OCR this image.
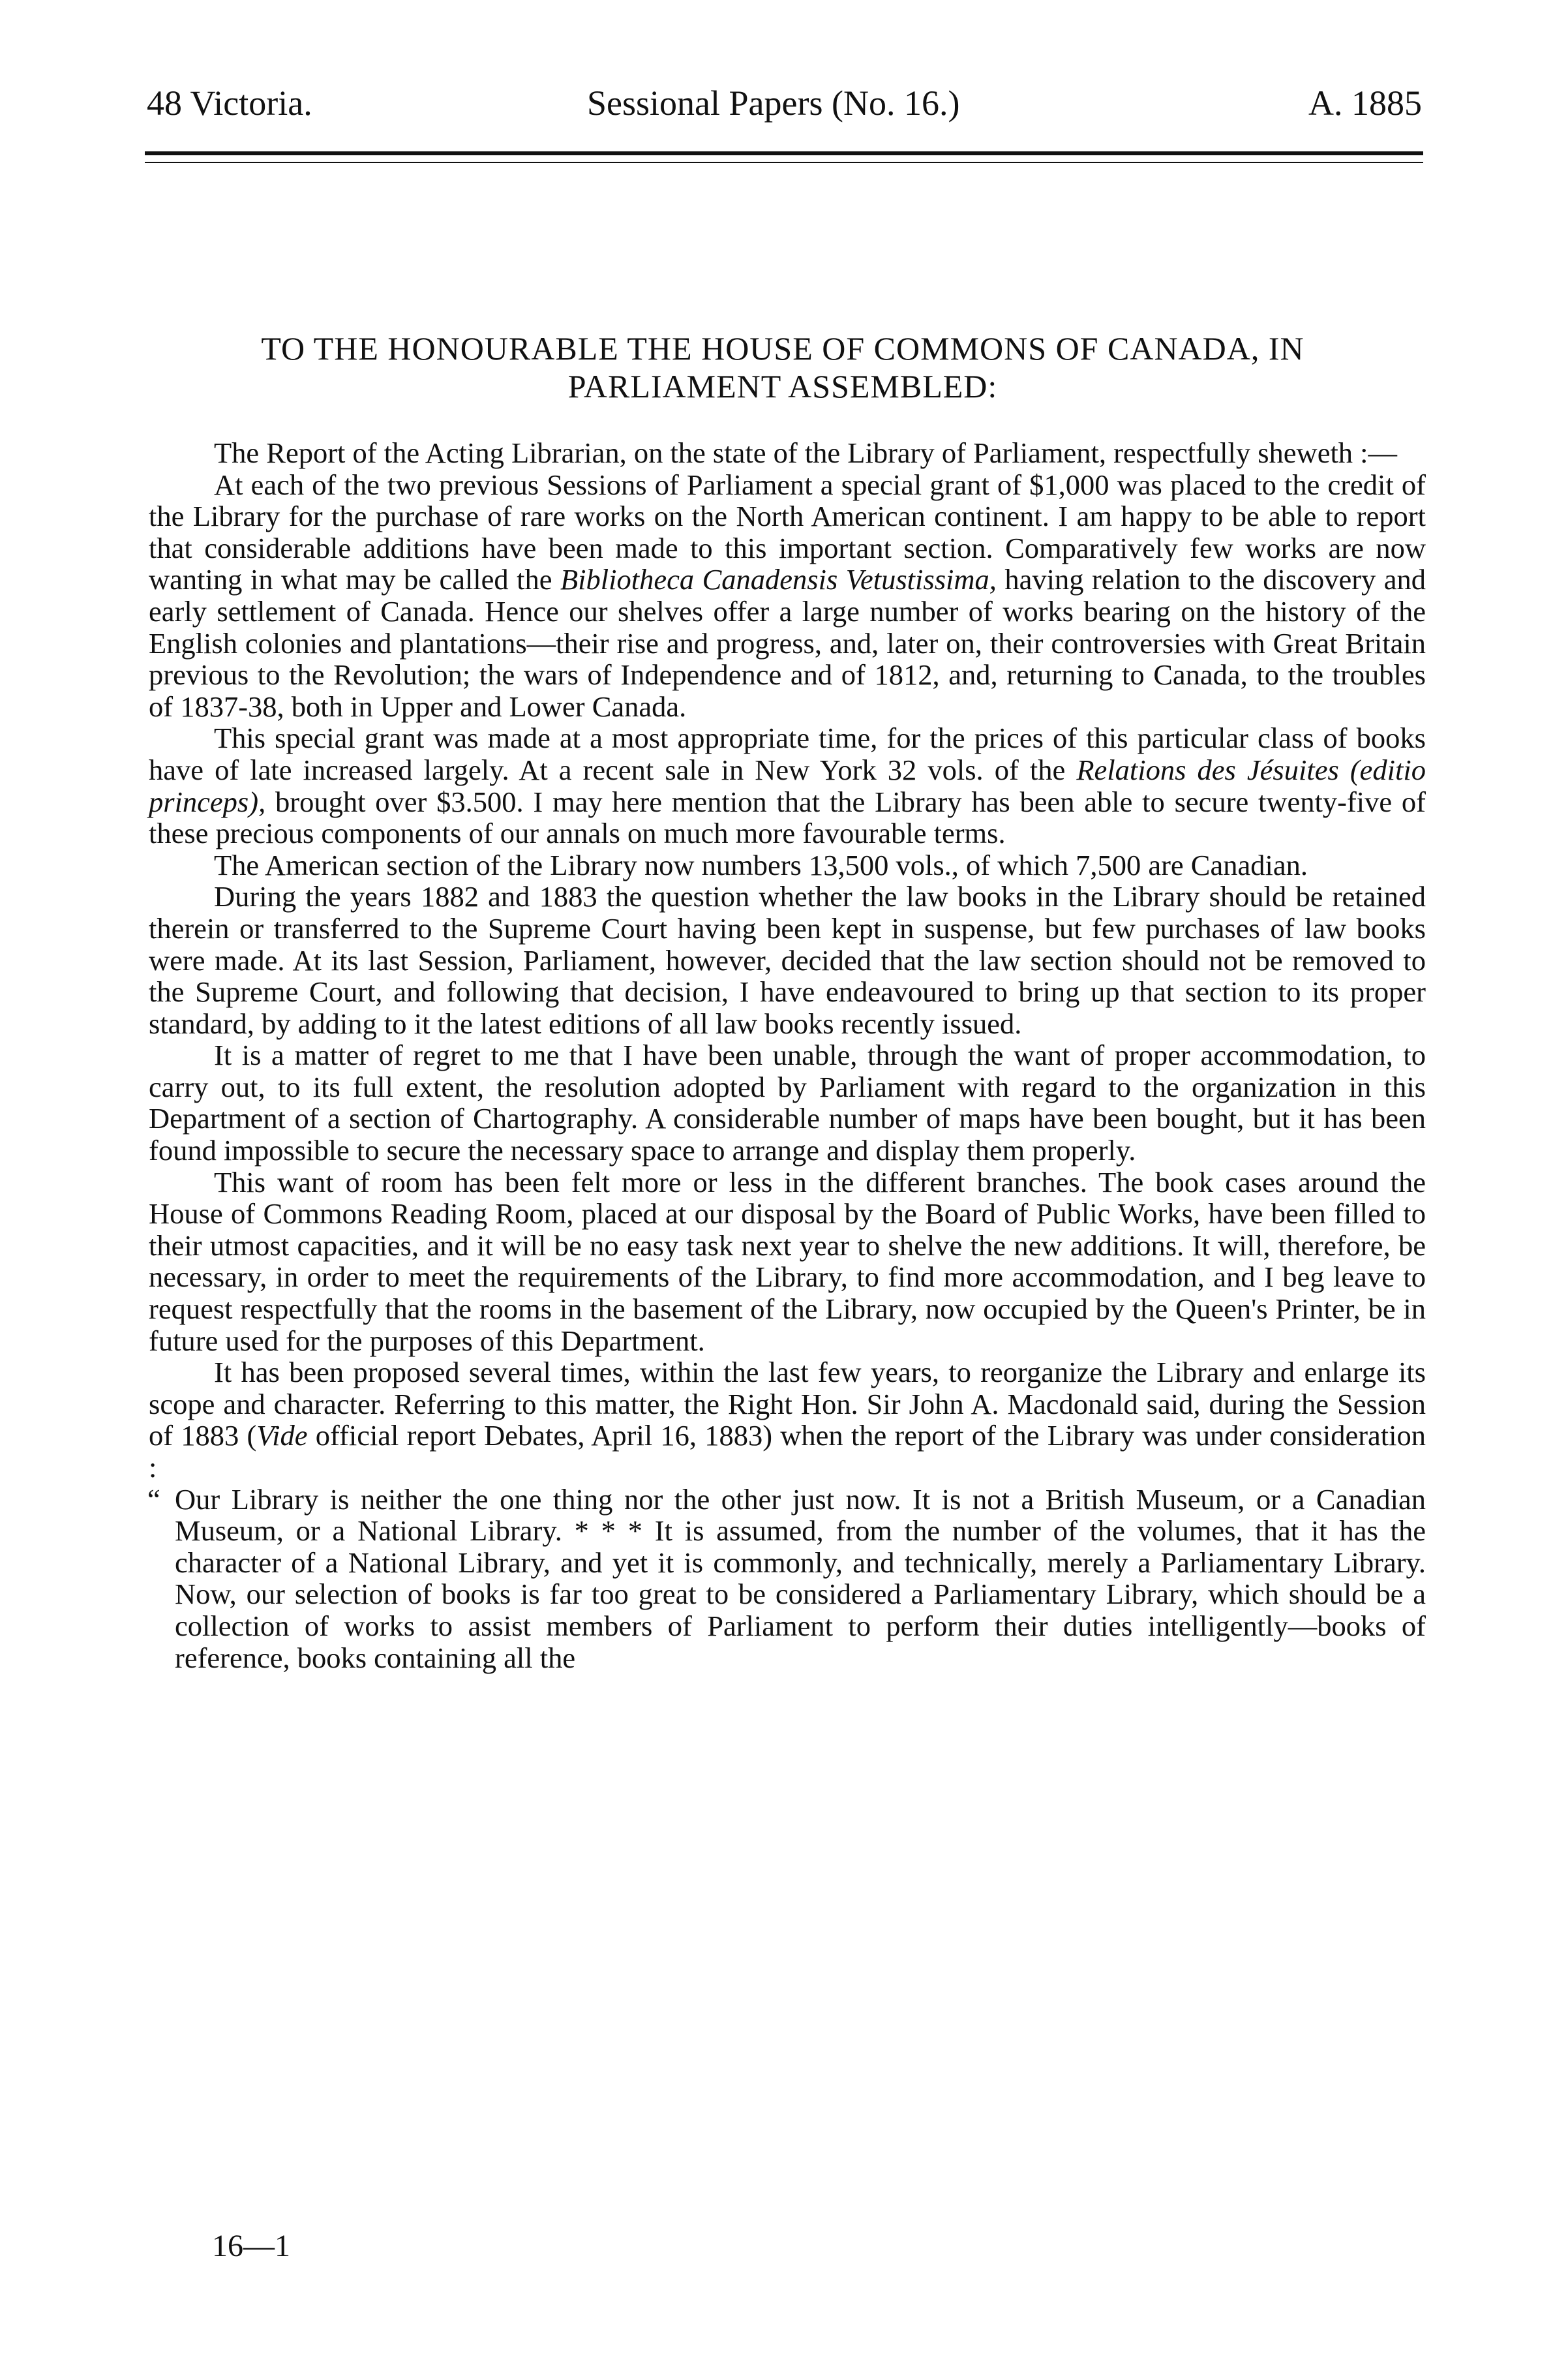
48 Victoria.	Sessional Papers (No. 16.)	A. 1885
TO THE HONOURABLE THE HOUSE OF COMMONS OF CANADA, IN
PARLIAMENT ASSEMBLED:

The Report of the Acting Librarian, on the state of the Library of Parliament, respectfully sheweth :—

At each of the two previous Sessions of Parliament a special grant of $1,000 was placed to the credit of the Library for the purchase of rare works on the North American continent. I am happy to be able to report that considerable additions have been made to this important section. Comparatively few works are now wanting in what may be called the Bibliotheca Canadensis Vetustissima, having relation to the discovery and early settlement of Canada. Hence our shelves offer a large number of works bearing on the history of the English colonies and plantations—their rise and progress, and, later on, their controversies with Great Britain previous to the Revolution; the wars of Independence and of 1812, and, returning to Canada, to the troubles of 1837-38, both in Upper and Lower Canada.

This special grant was made at a most appropriate time, for the prices of this particular class of books have of late increased largely. At a recent sale in New York 32 vols. of the Relations des Jésuites (editio princeps), brought over $3.500. I may here mention that the Library has been able to secure twenty-five of these precious components of our annals on much more favourable terms.

The American section of the Library now numbers 13,500 vols., of which 7,500 are Canadian.

During the years 1882 and 1883 the question whether the law books in the Library should be retained therein or transferred to the Supreme Court having been kept in suspense, but few purchases of law books were made. At its last Session, Parliament, however, decided that the law section should not be removed to the Supreme Court, and following that decision, I have endeavoured to bring up that section to its proper standard, by adding to it the latest editions of all law books recently issued.

It is a matter of regret to me that I have been unable, through the want of proper accommodation, to carry out, to its full extent, the resolution adopted by Parliament with regard to the organization in this Department of a section of Chartography. A considerable number of maps have been bought, but it has been found impossible to secure the necessary space to arrange and display them properly.

This want of room has been felt more or less in the different branches. The book cases around the House of Commons Reading Room, placed at our disposal by the Board of Public Works, have been filled to their utmost capacities, and it will be no easy task next year to shelve the new additions. It will, therefore, be necessary, in order to meet the requirements of the Library, to find more accommodation, and I beg leave to request respectfully that the rooms in the basement of the Library, now occupied by the Queen's Printer, be in future used for the purposes of this Department.

It has been proposed several times, within the last few years, to reorganize the Library and enlarge its scope and character. Referring to this matter, the Right Hon. Sir John A. Macdonald said, during the Session of 1883 (Vide official report Debates, April 16, 1883) when the report of the Library was under consideration :

“ Our Library is neither the one thing nor the other just now. It is not a British Museum, or a Canadian Museum, or a National Library. * * * It is assumed, from the number of the volumes, that it has the character of a National Library, and yet it is commonly, and technically, merely a Parliamentary Library. Now, our selection of books is far too great to be considered a Parliamentary Library, which should be a collection of works to assist members of Parliament to perform their duties intelligently—books of reference, books containing all the

16—1
